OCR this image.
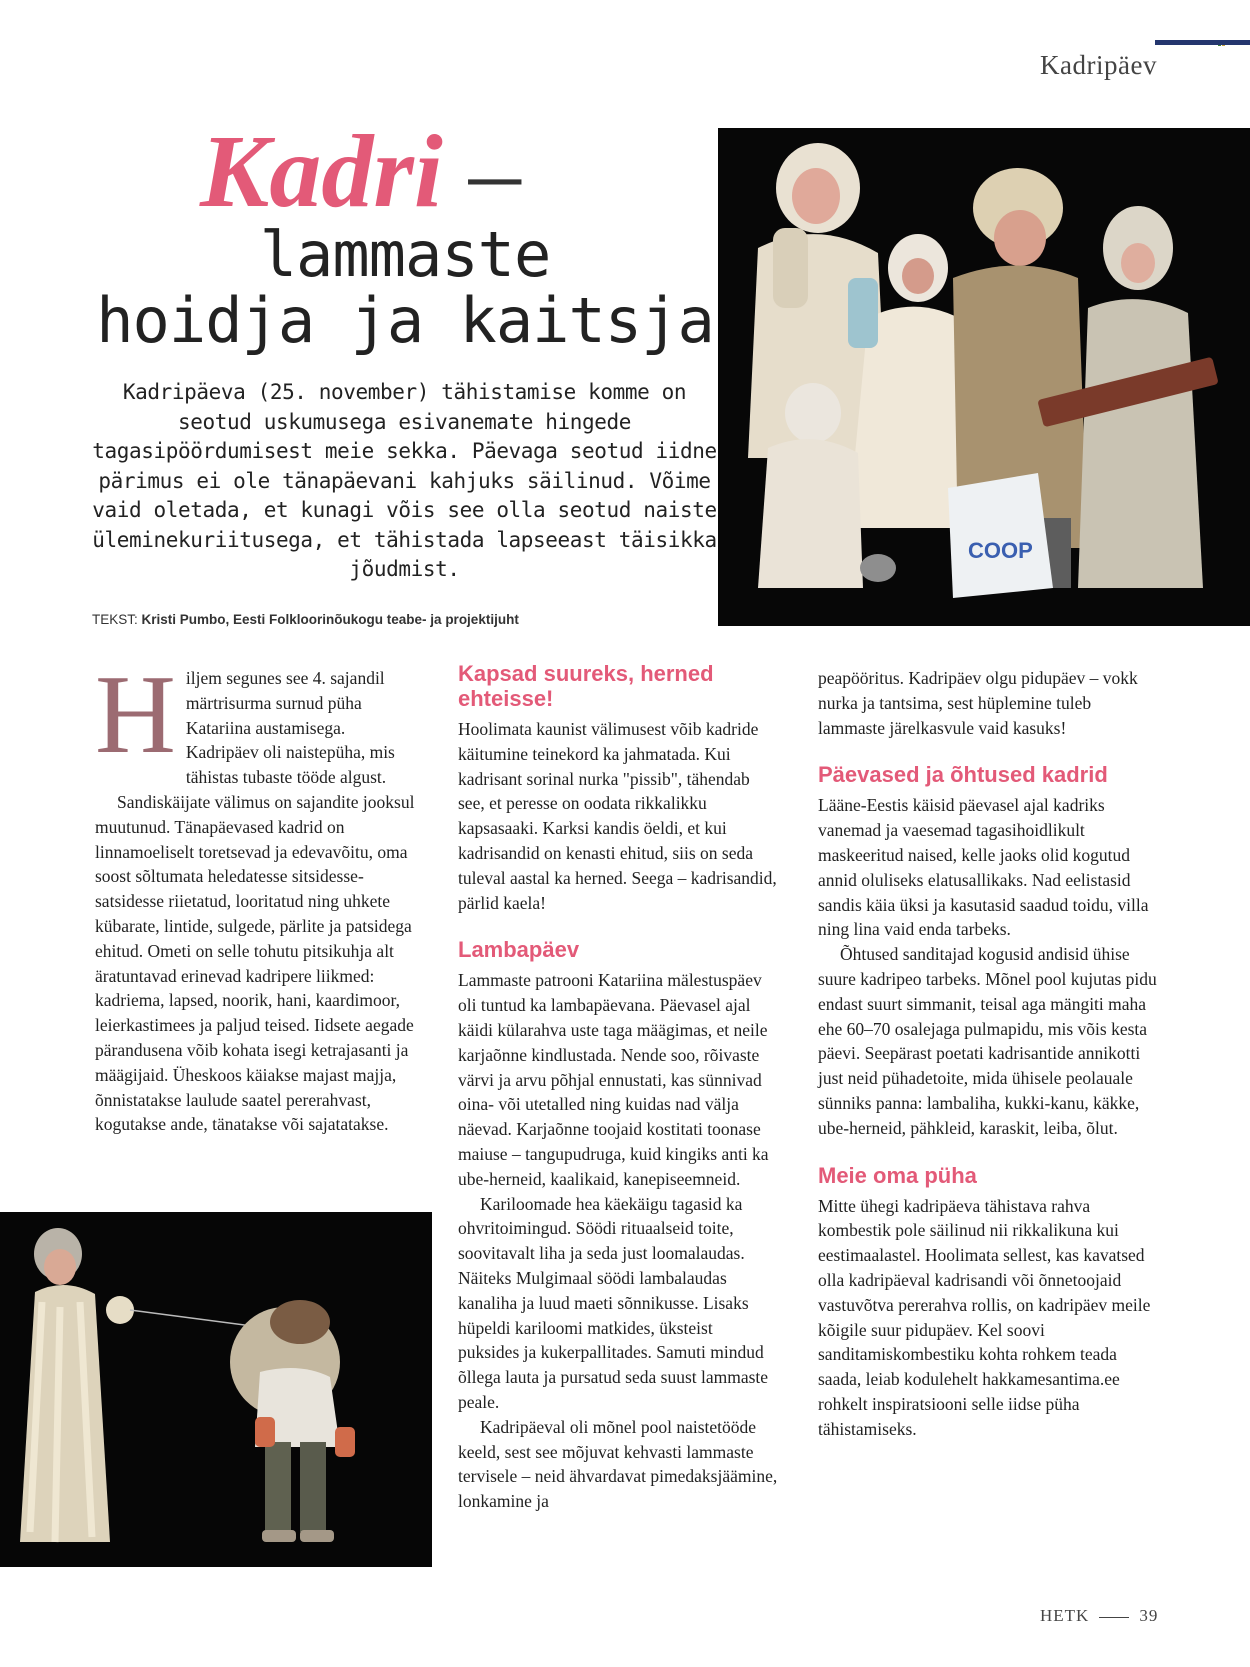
Kadripäev
Kadri –
lammaste
hoidja ja kaitsja
Kadripäeva (25. november) tähistamise komme on seotud uskumusega esivanemate hingede tagasipöördumisest meie sekka. Päevaga seotud iidne pärimus ei ole tänapäevani kahjuks säilinud. Võime vaid oletada, et kunagi võis see olla seotud naiste üleminekuriitusega, et tähistada lapseeast täisikka jõudmist.
TEKST: Kristi Pumbo, Eesti Folkloorinõukogu teabe- ja projektijuht
COOP
H iljem segunes see 4. sajandil märtrisurma surnud püha Katariina austamisega. Kadripäev oli naistepüha, mis tähistas tubaste tööde algust.

Sandiskäijate välimus on sajandite jooksul muutunud. Tänapäevased kadrid on linnamoeliselt toretsevad ja edevavõitu, oma soost sõltumata heledatesse sitsidesse-satsidesse riietatud, looritatud ning uhkete kübarate, lintide, sulgede, pärlite ja patsidega ehitud. Ometi on selle tohutu pitsikuhja alt äratuntavad erinevad kadripere liikmed: kadriema, lapsed, noorik, hani, kaardimoor, leierkastimees ja paljud teised. Iidsete aegade pärandusena võib kohata isegi ketrajasanti ja määgijaid. Üheskoos käiakse majast majja, õnnistatakse laulude saatel pererahvast, kogutakse ande, tänatakse või sajatatakse.

Kapsad suureks, herned ehteisse!

Hoolimata kaunist välimusest võib kadride käitumine teinekord ka jahmatada. Kui kadrisant sorinal nurka "pissib", tähendab see, et peresse on oodata rikkalikku kapsasaaki. Karksi kandis öeldi, et kui kadrisandid on kenasti ehitud, siis on seda tuleval aastal ka herned. Seega – kadrisandid, pärlid kaela!

Lambapäev

Lammaste patrooni Katariina mälestuspäev oli tuntud ka lambapäevana. Päevasel ajal käidi külarahva uste taga määgimas, et neile karjaõnne kindlustada. Nende soo, rõivaste värvi ja arvu põhjal ennustati, kas sünnivad oina- või utetalled ning kuidas nad välja näevad. Karjaõnne toojaid kostitati toonase maiuse – tangupudruga, kuid kingiks anti ka ube-herneid, kaalikaid, kanepiseemneid.

Kariloomade hea käekäigu tagasid ka ohvritoimingud. Söödi rituaalseid toite, soovitavalt liha ja seda just loomalaudas. Näiteks Mulgimaal söödi lambalaudas kanaliha ja luud maeti sõnnikusse. Lisaks hüpeldi kariloomi matkides, üksteist puksides ja kukerpallitades. Samuti mindud õllega lauta ja pursatud seda suust lammaste peale.

Kadripäeval oli mõnel pool naistetööde keeld, sest see mõjuvat kehvasti lammaste tervisele – neid ähvardavat pimedaksjäämine, lonkamine ja

peapööritus. Kadripäev olgu pidupäev – vokk nurka ja tantsima, sest hüplemine tuleb lammaste järelkasvule vaid kasuks!

Päevased ja õhtused kadrid

Lääne-Eestis käisid päevasel ajal kadriks vanemad ja vaesemad tagasihoidlikult maskeeritud naised, kelle jaoks olid kogutud annid oluliseks elatusallikaks. Nad eelistasid sandis käia üksi ja kasutasid saadud toidu, villa ning lina vaid enda tarbeks.

Õhtused sanditajad kogusid andisid ühise suure kadripeo tarbeks. Mõnel pool kujutas pidu endast suurt simmanit, teisal aga mängiti maha ehe 60–70 osalejaga pulmapidu, mis võis kesta päevi. Seepärast poetati kadrisantide annikotti just neid pühadetoite, mida ühisele peolauale sünniks panna: lambaliha, kukki-kanu, käkke, ube-herneid, pähkleid, karaskit, leiba, õlut.

Meie oma püha

Mitte ühegi kadripäeva tähistava rahva kombestik pole säilinud nii rikkalikuna kui eestimaalastel. Hoolimata sellest, kas kavatsed olla kadripäeval kadrisandi või õnnetoojaid vastuvõtva pererahva rollis, on kadripäev meile kõigile suur pidupäev. Kel soovi sanditamiskombestiku kohta rohkem teada saada, leiab kodulehelt hakkamesantima.ee rohkelt inspiratsiooni selle iidse püha tähistamiseks.

HETK	39
